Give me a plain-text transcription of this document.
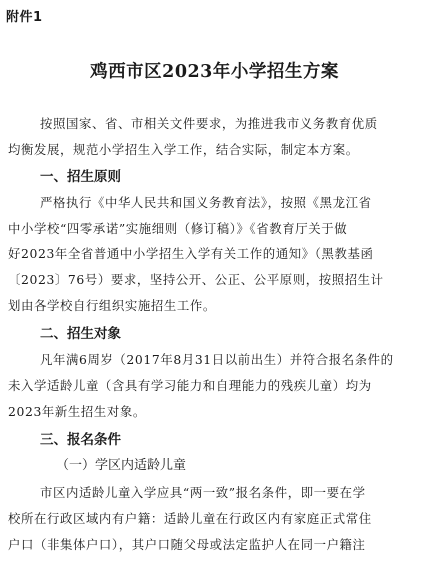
附件1
鸡西市区2023年小学招生方案
按照国家、省、市相关文件要求，为推进我市义务教育优质
均衡发展，规范小学招生入学工作，结合实际，制定本方案。
一、招生原则
严格执行《中华人民共和国义务教育法》，按照《黑龙江省
中小学校“四零承诺”实施细则（修订稿）》《省教育厅关于做
好2023年全省普通中小学招生入学有关工作的通知》（黑教基函
〔2023〕76号）要求，坚持公开、公正、公平原则，按照招生计
划由各学校自行组织实施招生工作。
二、招生对象
凡年满6周岁（2017年8月31日以前出生）并符合报名条件的
未入学适龄儿童（含具有学习能力和自理能力的残疾儿童）均为
2023年新生招生对象。
三、报名条件
（一）学区内适龄儿童
市区内适龄儿童入学应具“两一致”报名条件，即一要在学
校所在行政区域内有户籍：适龄儿童在行政区内有家庭正式常住
户口（非集体户口），其户口随父母或法定监护人在同一户籍注
